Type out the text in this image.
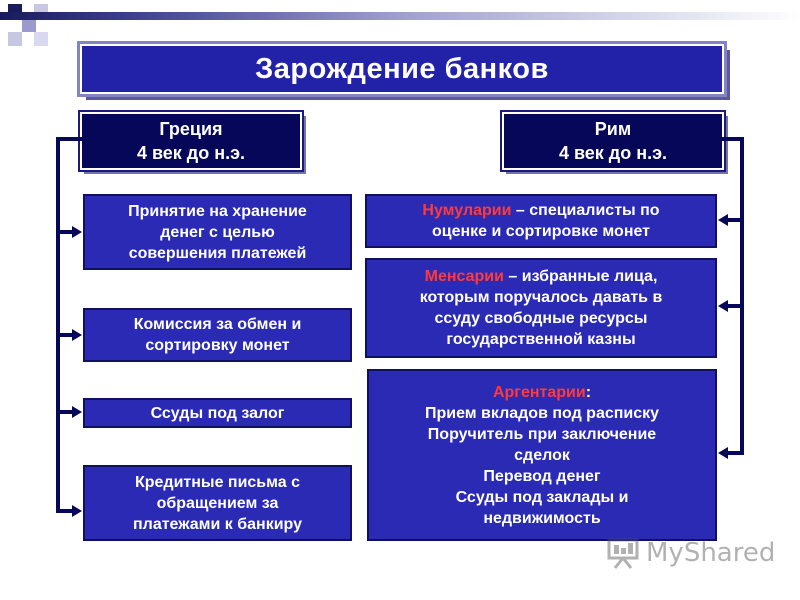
Зарождение банков
Греция
4 век до н.э.
Рим
4 век до н.э.
Принятие на хранение
денег с целью
совершения платежей
Комиссия за обмен и
сортировку монет
Ссуды под залог
Кредитные письма с
обращением за
платежами к банкиру
Нумуларии – специалисты по
оценке и сортировке монет
Менсарии – избранные лица,
которым поручалось давать в
ссуду свободные ресурсы
государственной казны
Аргентарии:
Прием вкладов под расписку
Поручитель при заключение
сделок
Перевод денег
Ссуды под заклады и
недвижимость
MyShared
